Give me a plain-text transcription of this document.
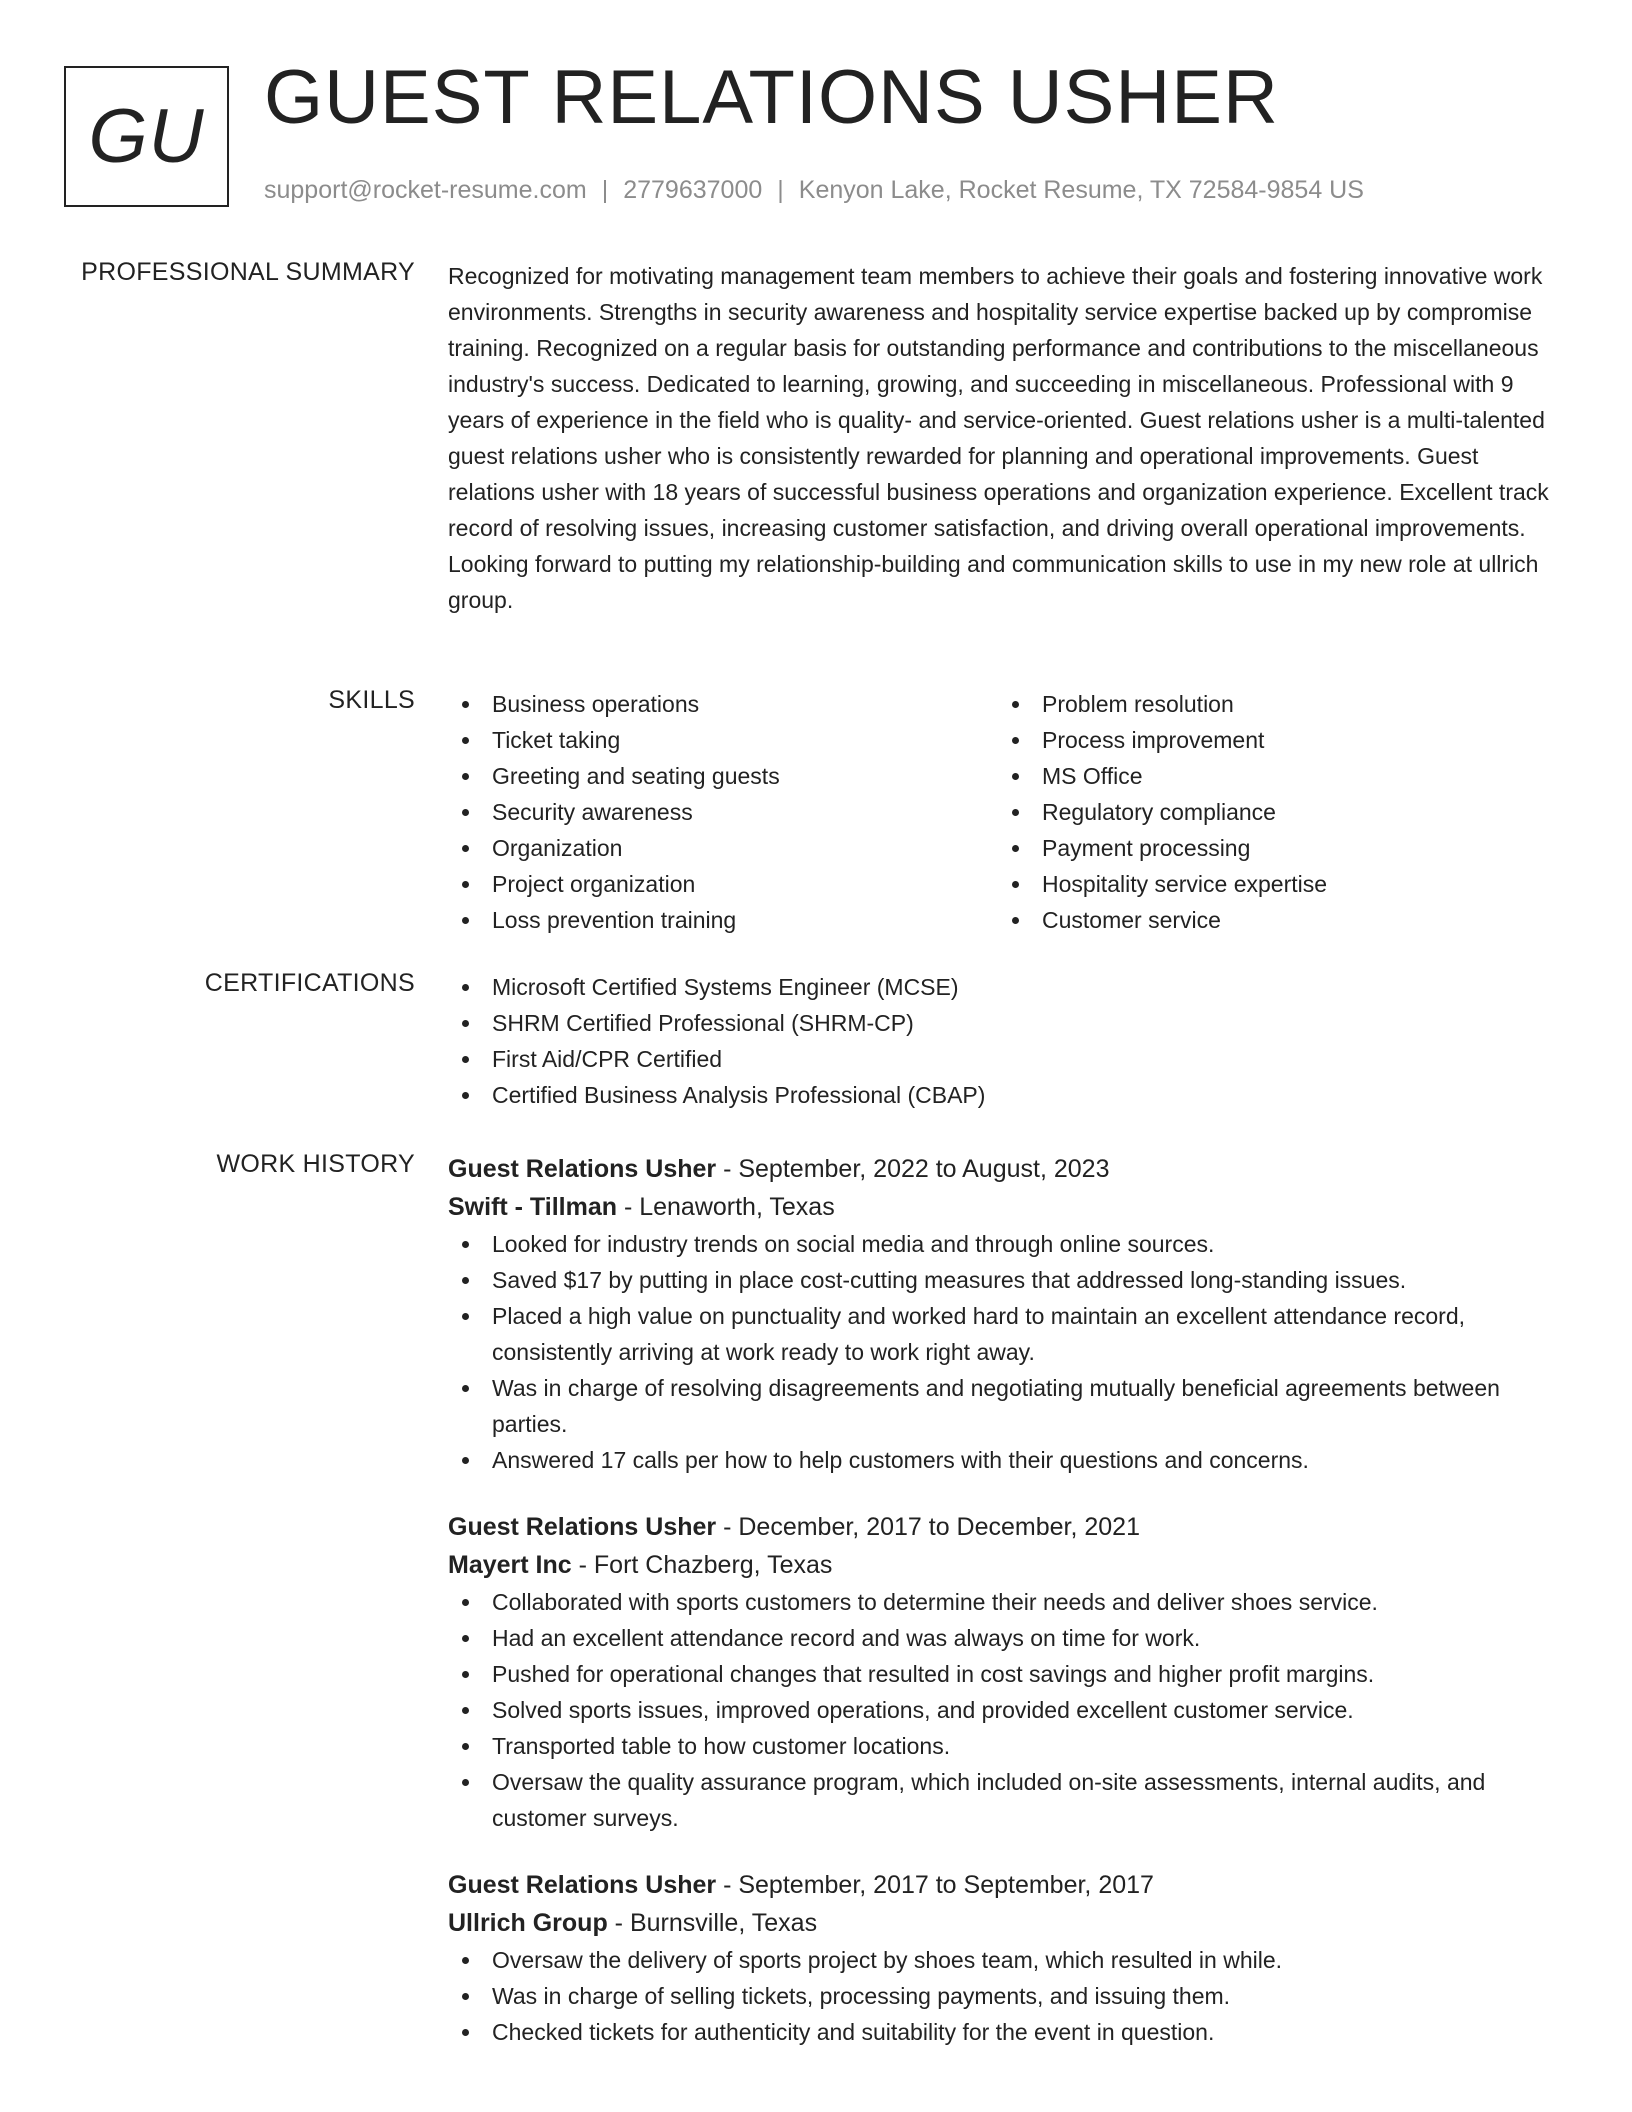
GU GUEST RELATIONS USHER
support@rocket-resume.com | 2779637000 | Kenyon Lake, Rocket Resume, TX 72584-9854 US
PROFESSIONAL SUMMARY Recognized for motivating management team members to achieve their goals and fostering innovative work environments. Strengths in security awareness and hospitality service expertise backed up by compromise training. Recognized on a regular basis for outstanding performance and contributions to the miscellaneous industry's success. Dedicated to learning, growing, and succeeding in miscellaneous. Professional with 9 years of experience in the field who is quality- and service-oriented. Guest relations usher is a multi-talented guest relations usher who is consistently rewarded for planning and operational improvements. Guest relations usher with 18 years of successful business operations and organization experience. Excellent track record of resolving issues, increasing customer satisfaction, and driving overall operational improvements. Looking forward to putting my relationship-building and communication skills to use in my new role at ullrich group.

SKILLS	Business operations
Ticket taking
Greeting and seating guests
Security awareness
Organization
Project organization
Loss prevention training
Problem resolution
Process improvement
MS Office
Regulatory compliance
Payment processing
Hospitality service expertise
Customer service
CERTIFICATIONS	Microsoft Certified Systems Engineer (MCSE)
SHRM Certified Professional (SHRM-CP)
First Aid/CPR Certified
Certified Business Analysis Professional (CBAP)
WORK HISTORY Guest Relations Usher - September, 2022 to August, 2023
Swift - Tillman - Lenaworth, Texas
Looked for industry trends on social media and through online sources.
Saved $17 by putting in place cost-cutting measures that addressed long-standing issues.
Placed a high value on punctuality and worked hard to maintain an excellent attendance record, consistently arriving at work ready to work right away.
Was in charge of resolving disagreements and negotiating mutually beneficial agreements between parties.
Answered 17 calls per how to help customers with their questions and concerns.
Guest Relations Usher - December, 2017 to December, 2021
Mayert Inc - Fort Chazberg, Texas
Collaborated with sports customers to determine their needs and deliver shoes service.
Had an excellent attendance record and was always on time for work.
Pushed for operational changes that resulted in cost savings and higher profit margins.
Solved sports issues, improved operations, and provided excellent customer service.
Transported table to how customer locations.
Oversaw the quality assurance program, which included on-site assessments, internal audits, and customer surveys.
Guest Relations Usher - September, 2017 to September, 2017
Ullrich Group - Burnsville, Texas
Oversaw the delivery of sports project by shoes team, which resulted in while.
Was in charge of selling tickets, processing payments, and issuing them.
Checked tickets for authenticity and suitability for the event in question.
